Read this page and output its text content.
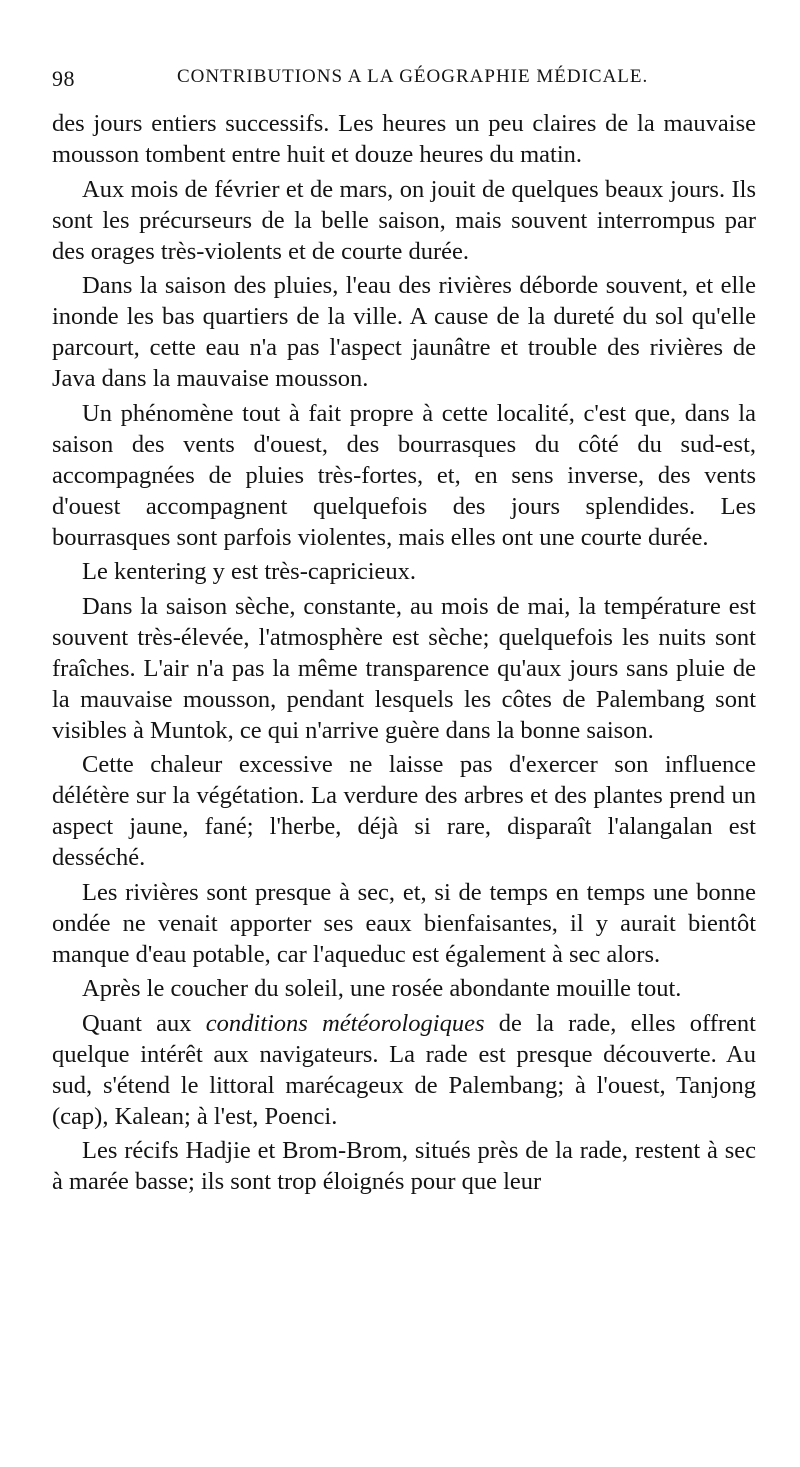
98	CONTRIBUTIONS A LA GÉOGRAPHIE MÉDICALE.

des jours entiers successifs. Les heures un peu claires de la mauvaise mousson tombent entre huit et douze heures du matin.

Aux mois de février et de mars, on jouit de quelques beaux jours. Ils sont les précurseurs de la belle saison, mais souvent interrompus par des orages très-violents et de courte durée.

Dans la saison des pluies, l'eau des rivières déborde souvent, et elle inonde les bas quartiers de la ville. A cause de la dureté du sol qu'elle parcourt, cette eau n'a pas l'aspect jaunâtre et trouble des rivières de Java dans la mauvaise mousson.

Un phénomène tout à fait propre à cette localité, c'est que, dans la saison des vents d'ouest, des bourrasques du côté du sud-est, accompagnées de pluies très-fortes, et, en sens inverse, des vents d'ouest accompagnent quelquefois des jours splendides. Les bourrasques sont parfois violentes, mais elles ont une courte durée.

Le kentering y est très-capricieux.

Dans la saison sèche, constante, au mois de mai, la température est souvent très-élevée, l'atmosphère est sèche; quelquefois les nuits sont fraîches. L'air n'a pas la même transparence qu'aux jours sans pluie de la mauvaise mousson, pendant lesquels les côtes de Palembang sont visibles à Muntok, ce qui n'arrive guère dans la bonne saison.

Cette chaleur excessive ne laisse pas d'exercer son influence délétère sur la végétation. La verdure des arbres et des plantes prend un aspect jaune, fané; l'herbe, déjà si rare, disparaît l'alangalan est desséché.

Les rivières sont presque à sec, et, si de temps en temps une bonne ondée ne venait apporter ses eaux bienfaisantes, il y aurait bientôt manque d'eau potable, car l'aqueduc est également à sec alors.

Après le coucher du soleil, une rosée abondante mouille tout.

Quant aux conditions météorologiques de la rade, elles offrent quelque intérêt aux navigateurs. La rade est presque découverte. Au sud, s'étend le littoral marécageux de Palembang; à l'ouest, Tanjong (cap), Kalean; à l'est, Poenci.

Les récifs Hadjie et Brom-Brom, situés près de la rade, restent à sec à marée basse; ils sont trop éloignés pour que leur
